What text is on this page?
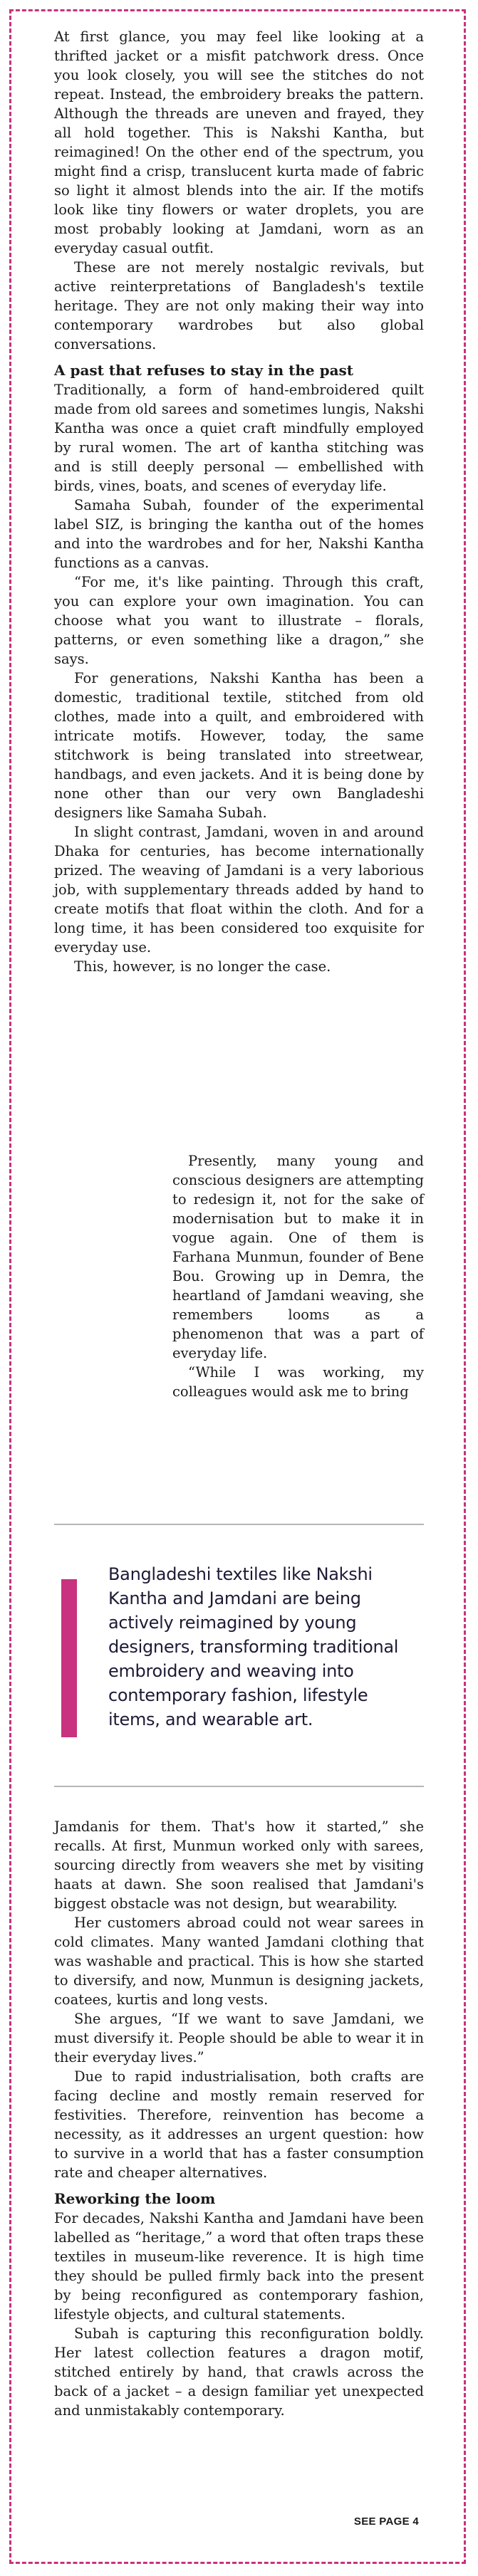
At first glance, you may feel like looking at a thrifted jacket or a misfit patchwork dress. Once you look closely, you will see the stitches do not repeat. Instead, the embroidery breaks the pattern. Although the threads are uneven and frayed, they all hold together. This is Nakshi Kantha, but reimagined! On the other end of the spectrum, you might find a crisp, translucent kurta made of fabric so light it almost blends into the air. If the motifs look like tiny flowers or water droplets, you are most probably looking at Jamdani, worn as an everyday casual outfit.

These are not merely nostalgic revivals, but active reinterpretations of Bangladesh's textile heritage. They are not only making their way into contemporary wardrobes but also global conversations.

A past that refuses to stay in the past

Traditionally, a form of hand-embroidered quilt made from old sarees and sometimes lungis, Nakshi Kantha was once a quiet craft mindfully employed by rural women. The art of kantha stitching was and is still deeply personal — embellished with birds, vines, boats, and scenes of everyday life.

Samaha Subah, founder of the experimental label SIZ, is bringing the kantha out of the homes and into the wardrobes and for her, Nakshi Kantha functions as a canvas.

“For me, it's like painting. Through this craft, you can explore your own imagination. You can choose what you want to illustrate – florals, patterns, or even something like a dragon,” she says.

For generations, Nakshi Kantha has been a domestic, traditional textile, stitched from old clothes, made into a quilt, and embroidered with intricate motifs. However, today, the same stitchwork is being translated into streetwear, handbags, and even jackets. And it is being done by none other than our very own Bangladeshi designers like Samaha Subah.

In slight contrast, Jamdani, woven in and around Dhaka for centuries, has become internationally prized. The weaving of Jamdani is a very laborious job, with supplementary threads added by hand to create motifs that float within the cloth. And for a long time, it has been considered too exquisite for everyday use.

This, however, is no longer the case.

Presently, many young and conscious designers are attempting to redesign it, not for the sake of modernisation but to make it in vogue again. One of them is Farhana Munmun, founder of Bene Bou. Growing up in Demra, the heartland of Jamdani weaving, she remembers looms as a phenomenon that was a part of everyday life.

“While I was working, my colleagues would ask me to bring

Bangladeshi textiles like Nakshi Kantha and Jamdani are being actively reimagined by young designers, transforming traditional embroidery and weaving into contemporary fashion, lifestyle items, and wearable art.

Jamdanis for them. That's how it started,” she recalls. At first, Munmun worked only with sarees, sourcing directly from weavers she met by visiting haats at dawn. She soon realised that Jamdani's biggest obstacle was not design, but wearability.

Her customers abroad could not wear sarees in cold climates. Many wanted Jamdani clothing that was washable and practical. This is how she started to diversify, and now, Munmun is designing jackets, coatees, kurtis and long vests.

She argues, “If we want to save Jamdani, we must diversify it. People should be able to wear it in their everyday lives.”

Due to rapid industrialisation, both crafts are facing decline and mostly remain reserved for festivities. Therefore, reinvention has become a necessity, as it addresses an urgent question: how to survive in a world that has a faster consumption rate and cheaper alternatives.

Reworking the loom

For decades, Nakshi Kantha and Jamdani have been labelled as “heritage,” a word that often traps these textiles in museum-like reverence. It is high time they should be pulled firmly back into the present by being reconfigured as contemporary fashion, lifestyle objects, and cultural statements.

Subah is capturing this reconfiguration boldly. Her latest collection features a dragon motif, stitched entirely by hand, that crawls across the back of a jacket – a design familiar yet unexpected and unmistakably contemporary.

SEE PAGE 4
